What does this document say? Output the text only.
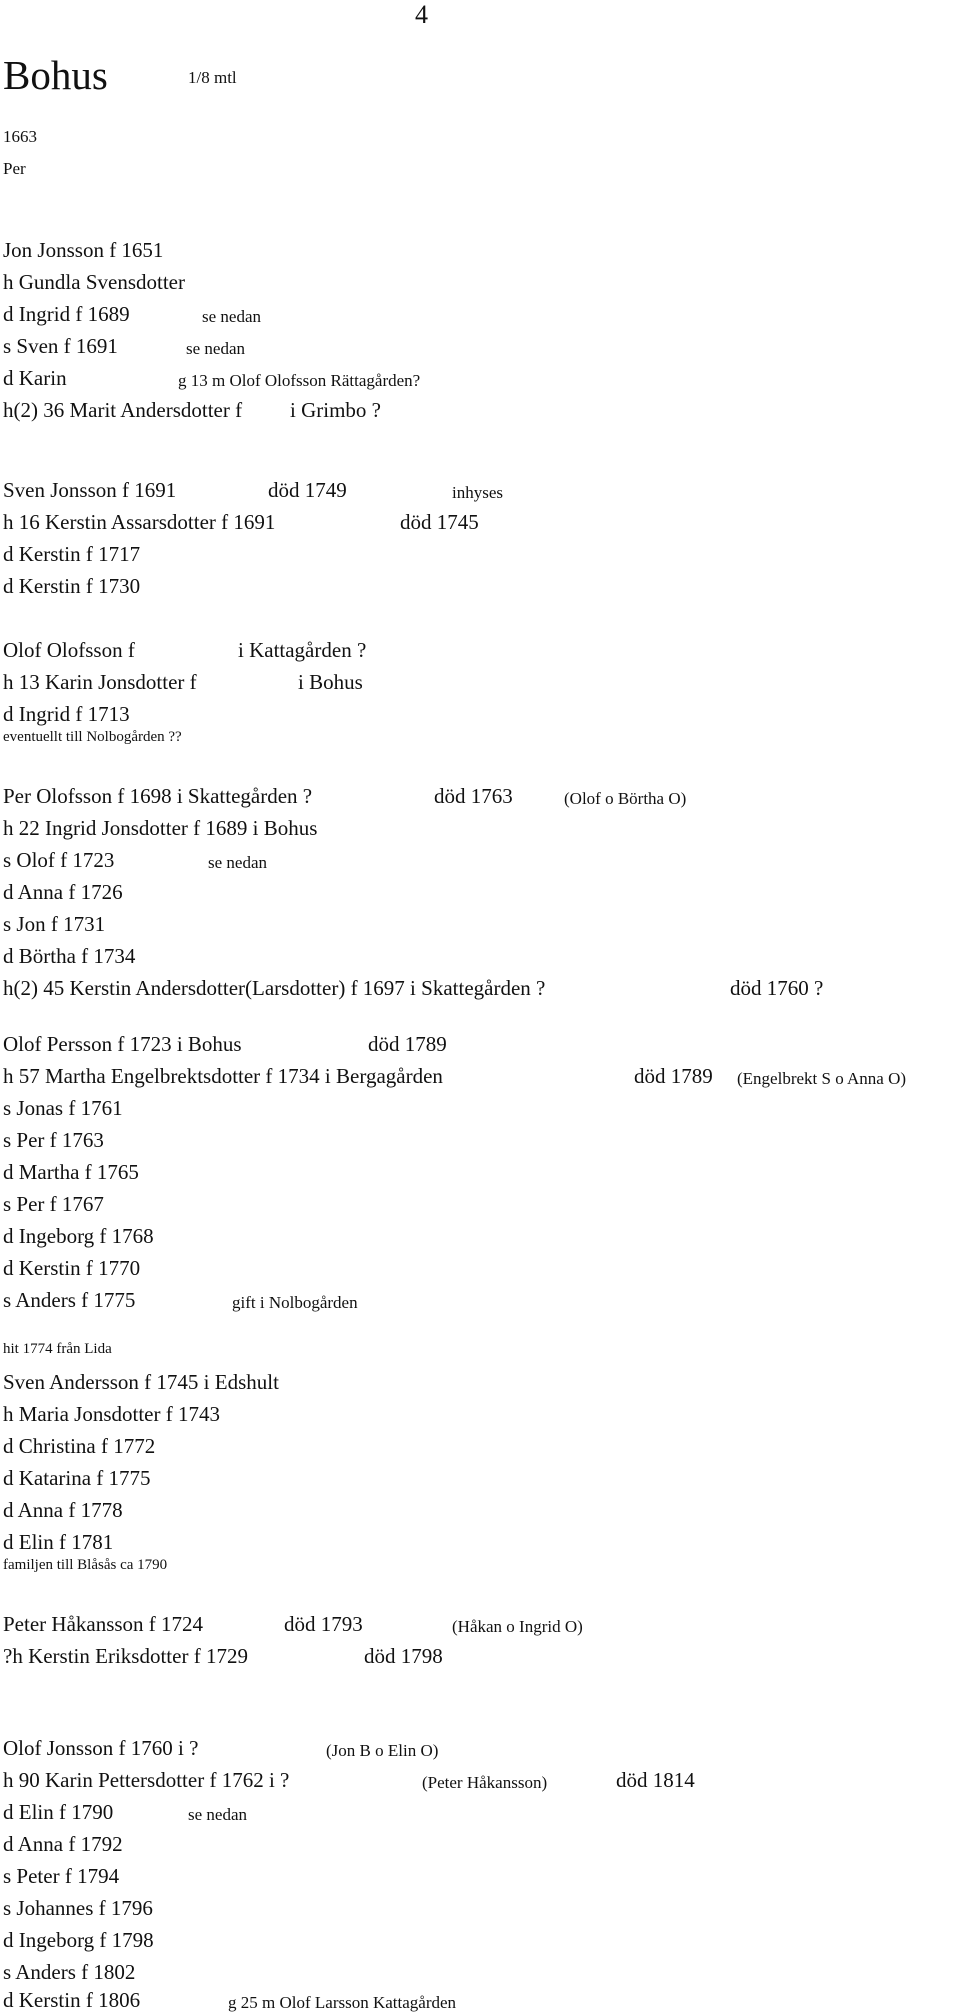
4
Bohus	1/8 mtl
1663
Per
Jon Jonsson f 1651
h Gundla Svensdotter
d Ingrid f 1689	se nedan
s Sven f 1691	se nedan
d Karin	g 13 m Olof Olofsson Rättagården?
h(2) 36 Marit Andersdotter f i Grimbo ?
Sven Jonsson f 1691	död 1749	inhyses
h 16 Kerstin Assarsdotter f 1691	död 1745
d Kerstin f 1717
d Kerstin f 1730
Olof Olofsson f	i Kattagården ?
h 13 Karin Jonsdotter f	i Bohus
d Ingrid f 1713
eventuellt till Nolbogården ??
Per Olofsson f 1698 i Skattegården ?	död 1763	(Olof o Börtha O)
h 22 Ingrid Jonsdotter f 1689 i Bohus
s Olof f 1723	se nedan
d Anna f 1726
s Jon f 1731
d Börtha f 1734
h(2) 45 Kerstin Andersdotter(Larsdotter) f 1697 i Skattegården ?	död 1760 ?
Olof Persson f 1723 i Bohus	död 1789
h 57 Martha Engelbrektsdotter f 1734 i Bergagården	död 1789 (Engelbrekt S o Anna O)
s Jonas f 1761
s Per f 1763
d Martha f 1765
s Per f 1767
d Ingeborg f 1768
d Kerstin f 1770
s Anders f 1775	gift i Nolbogården
hit 1774 från Lida
Sven Andersson f 1745 i Edshult
h Maria Jonsdotter f 1743
d Christina f 1772
d Katarina f 1775
d Anna f 1778
d Elin f 1781
familjen till Blåsås ca 1790
Peter Håkansson f 1724	död 1793	(Håkan o Ingrid O)
?h Kerstin Eriksdotter f 1729	död 1798
Olof Jonsson f 1760 i ?	(Jon B o Elin O)
h 90 Karin Pettersdotter f 1762 i ?	(Peter Håkansson)	död 1814
d Elin f 1790	se nedan
d Anna f 1792
s Peter f 1794
s Johannes f 1796
d Ingeborg f 1798
s Anders f 1802
d Kerstin f 1806	g 25 m Olof Larsson Kattagården
